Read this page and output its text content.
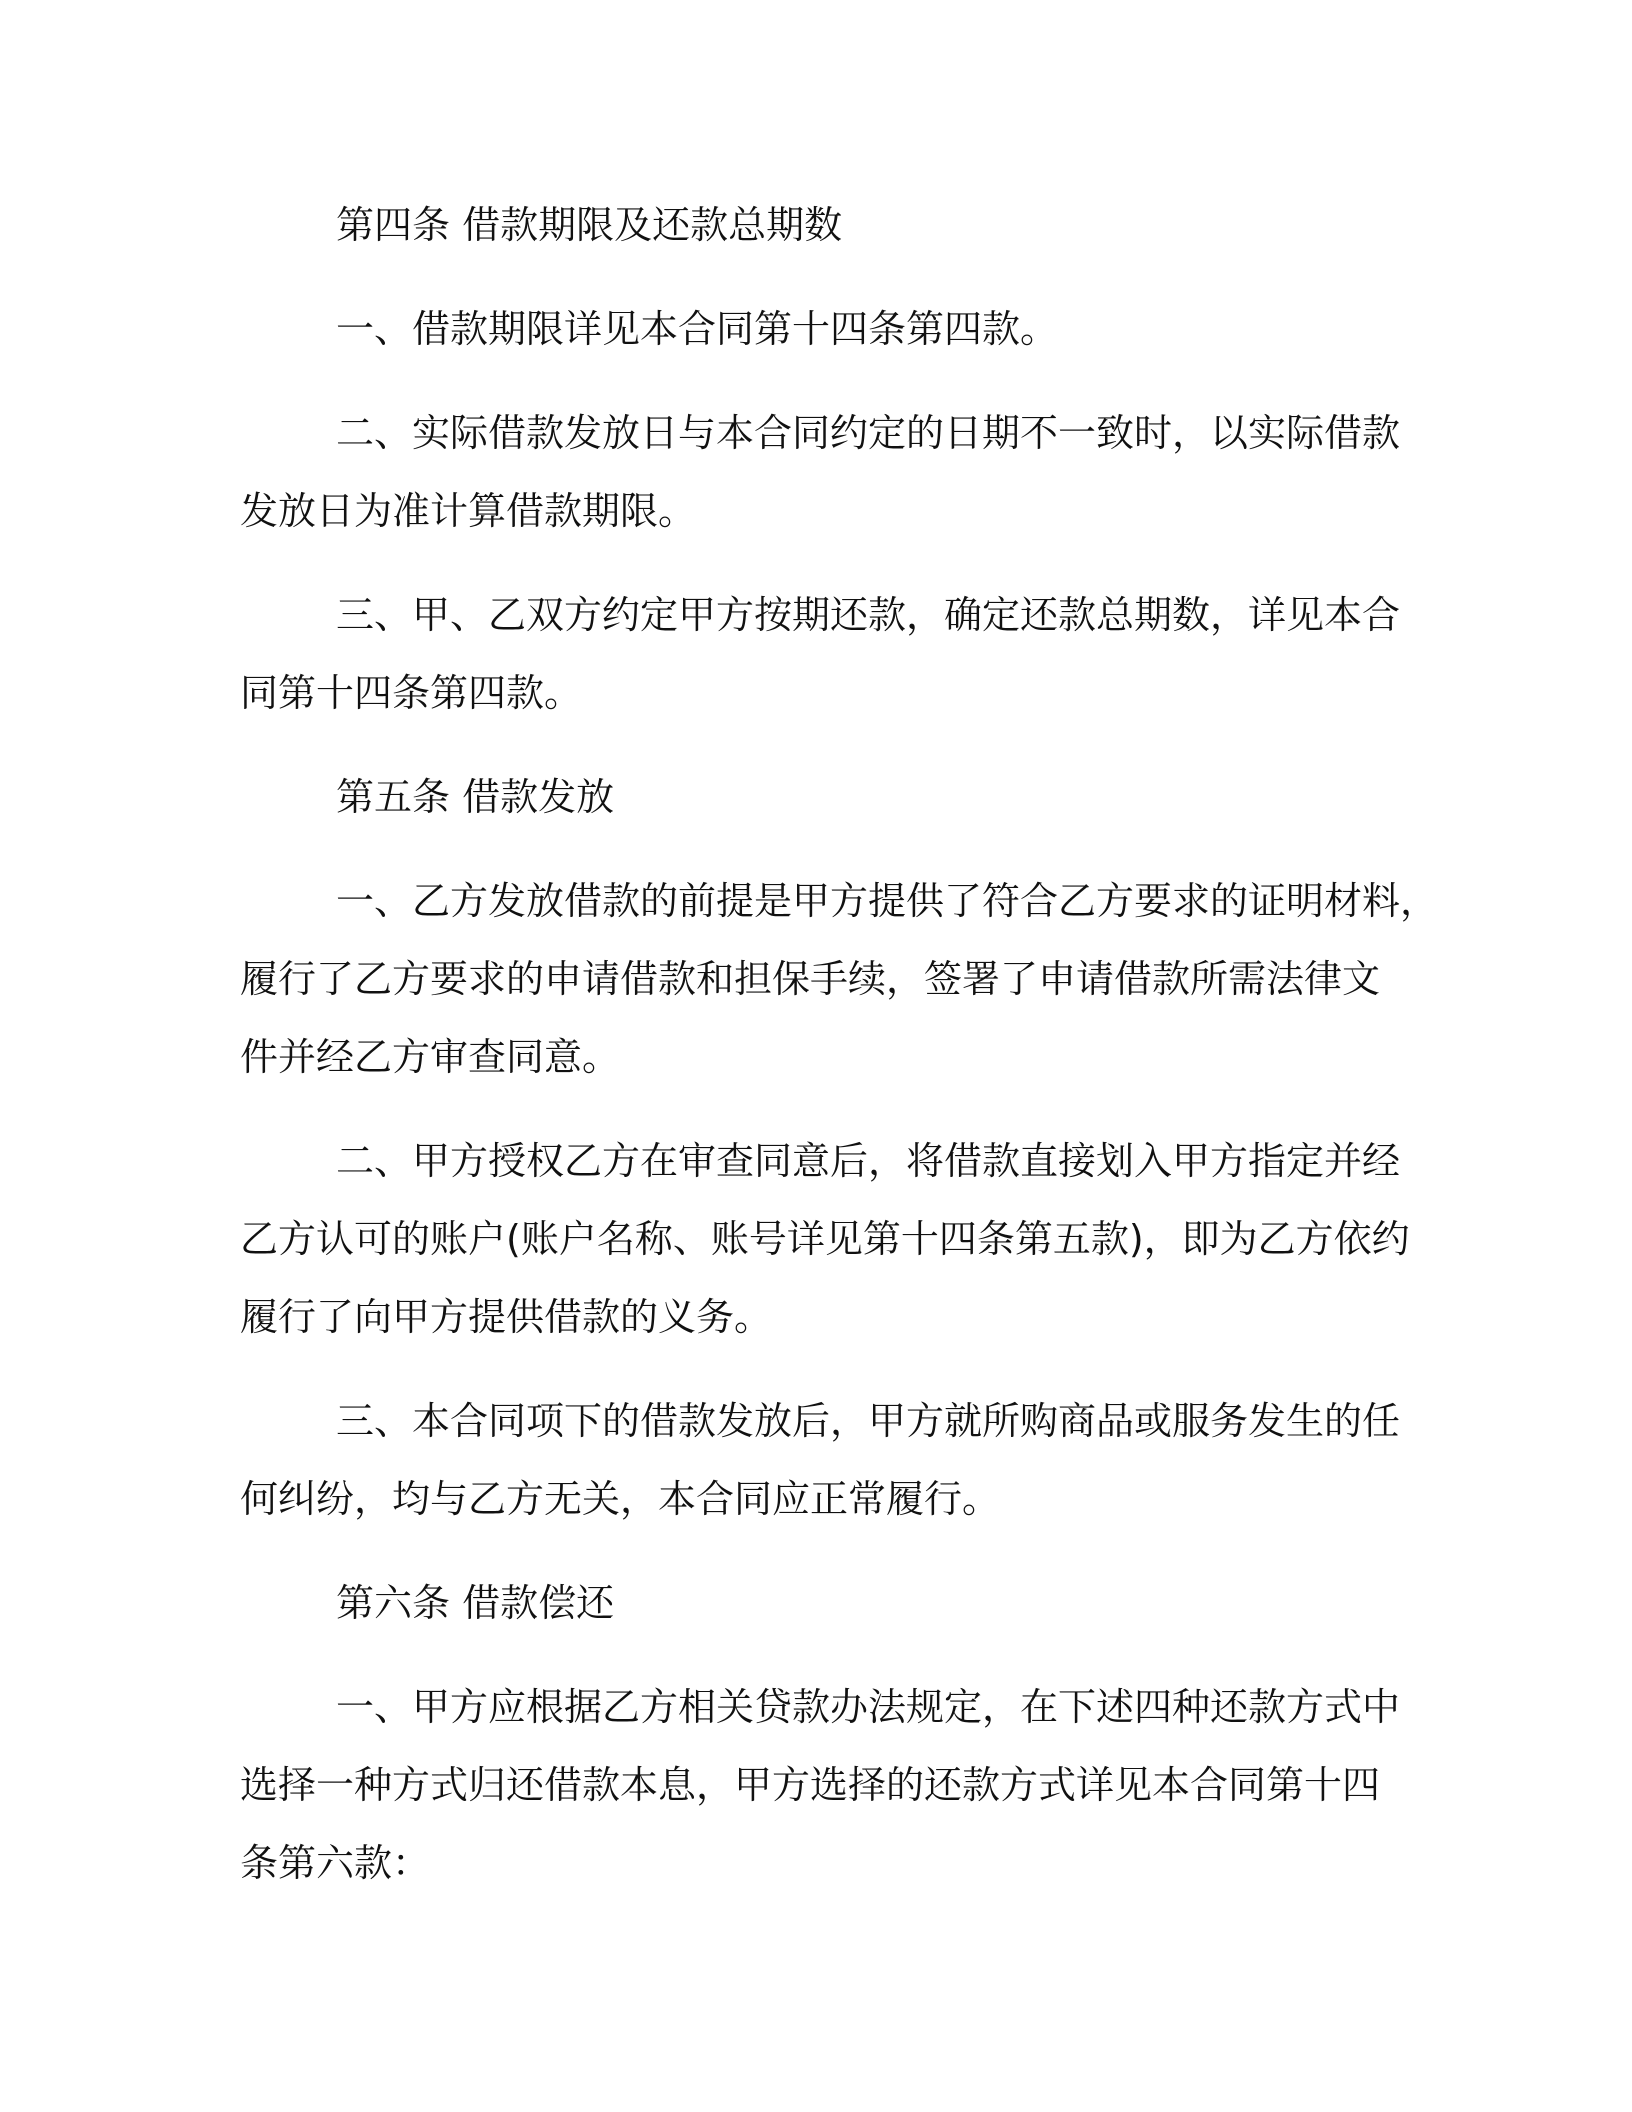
第四条 借款期限及还款总期数
一、借款期限详见本合同第十四条第四款。
二、实际借款发放日与本合同约定的日期不一致时，以实际借款
发放日为准计算借款期限。
三、甲、乙双方约定甲方按期还款，确定还款总期数，详见本合
同第十四条第四款。
第五条 借款发放
一、乙方发放借款的前提是甲方提供了符合乙方要求的证明材料，
履行了乙方要求的申请借款和担保手续，签署了申请借款所需法律文
件并经乙方审查同意。
二、甲方授权乙方在审查同意后，将借款直接划入甲方指定并经
乙方认可的账户(账户名称、账号详见第十四条第五款)，即为乙方依约
履行了向甲方提供借款的义务。
三、本合同项下的借款发放后，甲方就所购商品或服务发生的任
何纠纷，均与乙方无关，本合同应正常履行。
第六条 借款偿还
一、甲方应根据乙方相关贷款办法规定，在下述四种还款方式中
选择一种方式归还借款本息，甲方选择的还款方式详见本合同第十四
条第六款：
